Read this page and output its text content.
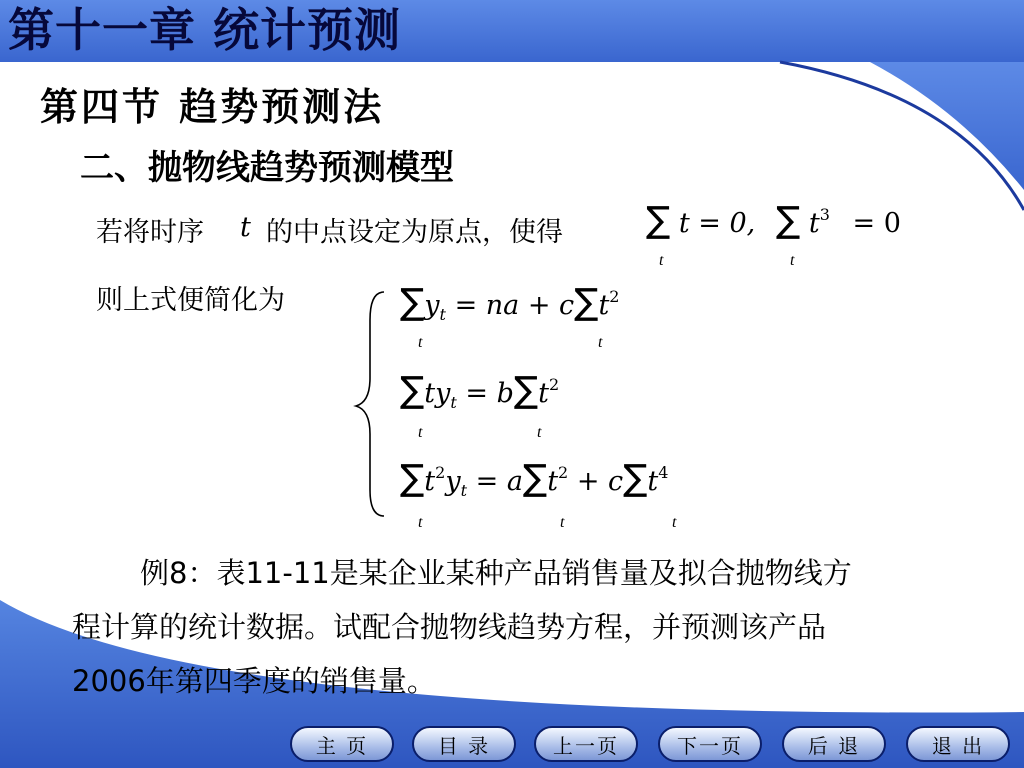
第十一章 统计预测
第四节 趋势预测法
二、抛物线趋势预测模型
若将时序 t 的中点设定为原点，使得 ∑ t = 0,
t
∑ $t^3 = 0$
t
则上式便简化为	$\sum y_t$ = na + $c\sum t^2$
t	t
$\sum ty_t = b\sum t^2$
t	t
$\sum t^2y_t = a\sum t^2 + c\sum t^4$
t	t	t
例8：表11-11是某企业某种产品销售量及拟合抛物线方
程计算的统计数据。试配合抛物线趋势方程，并预测该产品
2006年第四季度的销售量。
主 页	目 录	上一页	下一页	后 退	退 出
